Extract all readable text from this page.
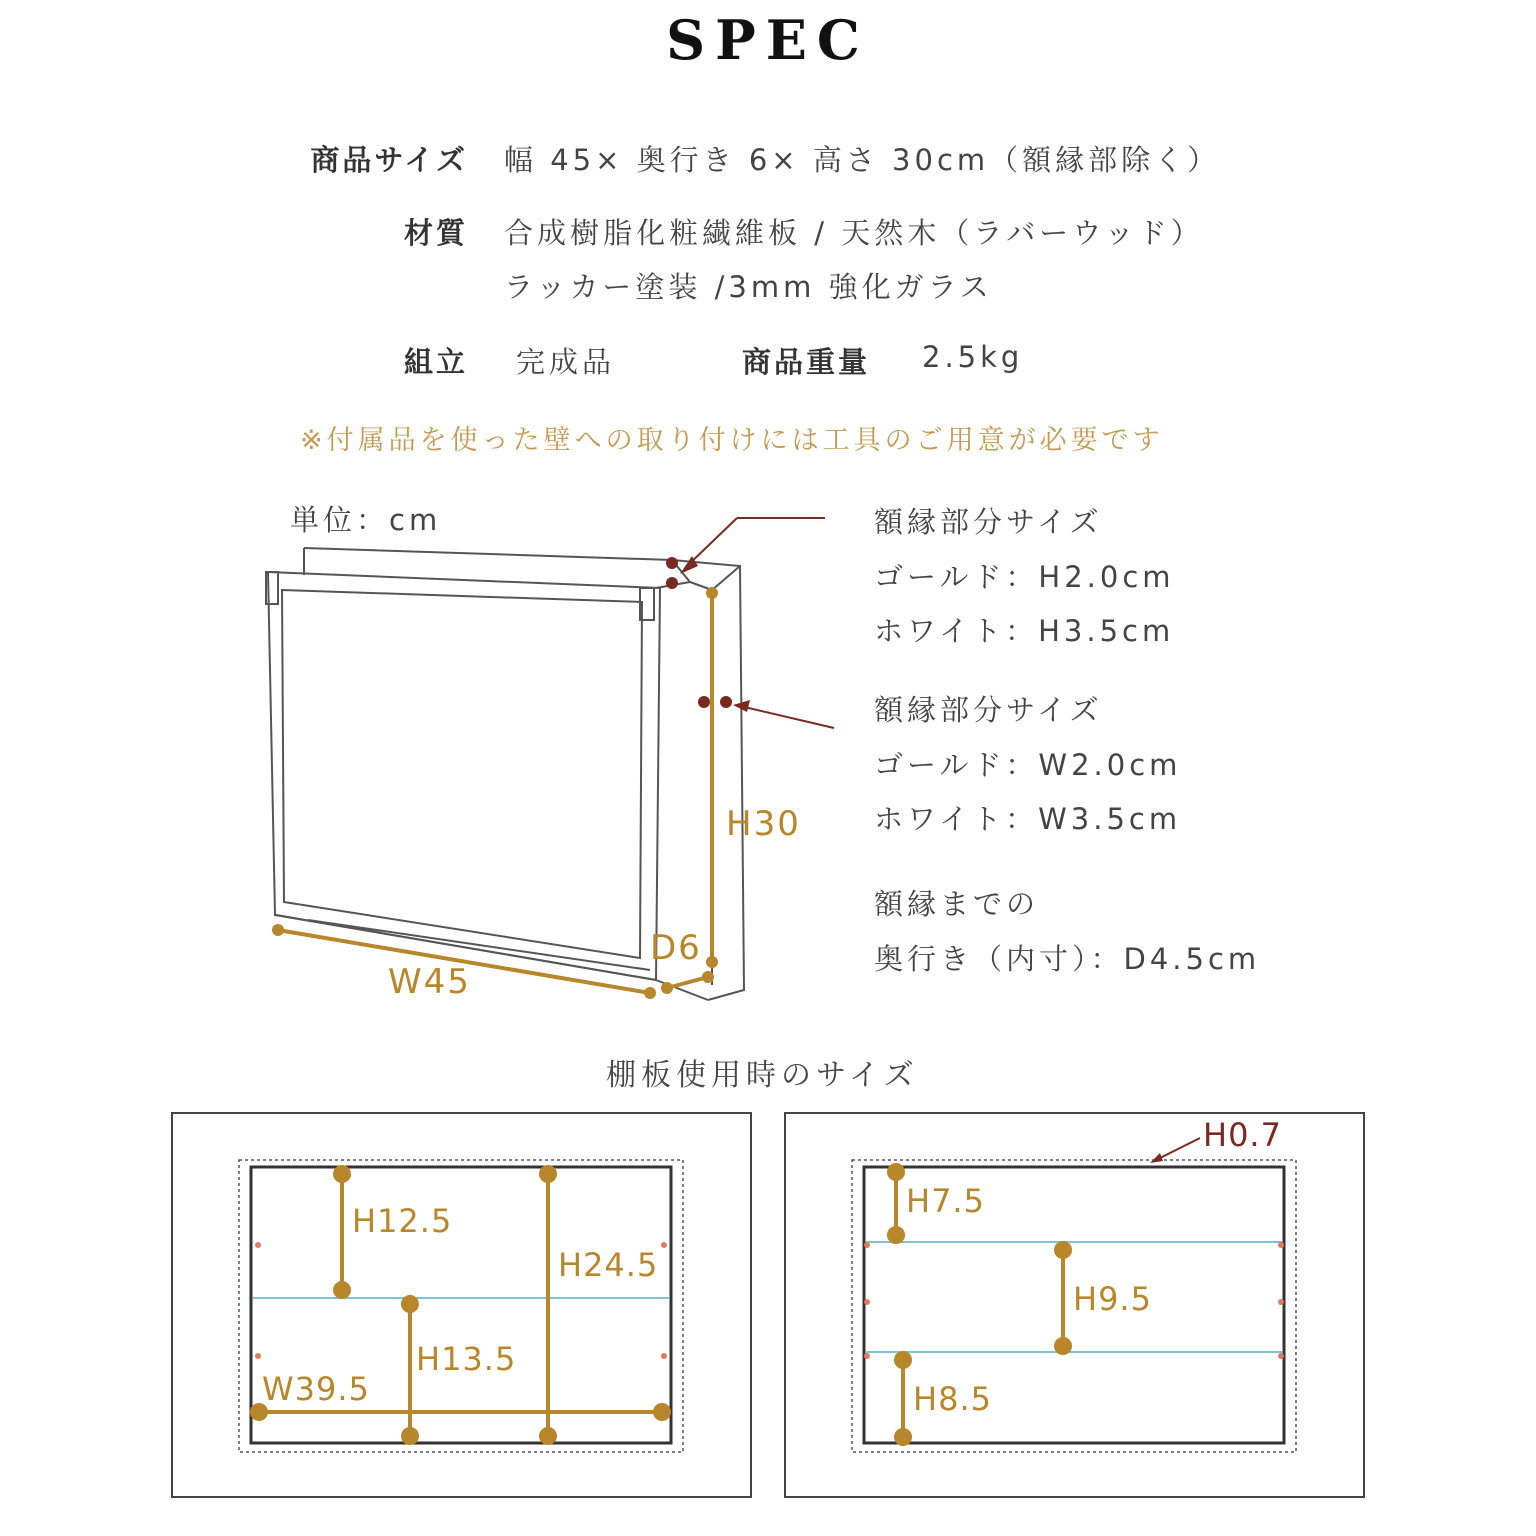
SPEC
商品サイズ 幅 45× 奥行き 6× 高さ 30cm（額縁部除く）
材質 合成樹脂化粧繊維板 / 天然木（ラバーウッド）
ラッカー塗装 /3mm 強化ガラス
組立 完成品	商品重量 2.5kg
※付属品を使った壁への取り付けには工具のご用意が必要です
単位：cm
H30
W45
D6
額縁部分サイズ
ゴールド：H2.0cm
ホワイト：H3.5cm
額縁部分サイズ
ゴールド：W2.0cm
ホワイト：W3.5cm
額縁までの
奥行き（内寸）：D4.5cm
棚板使用時のサイズ
H12.5
H13.5
H24.5
W39.5
H0.7
H7.5
H9.5
H8.5
